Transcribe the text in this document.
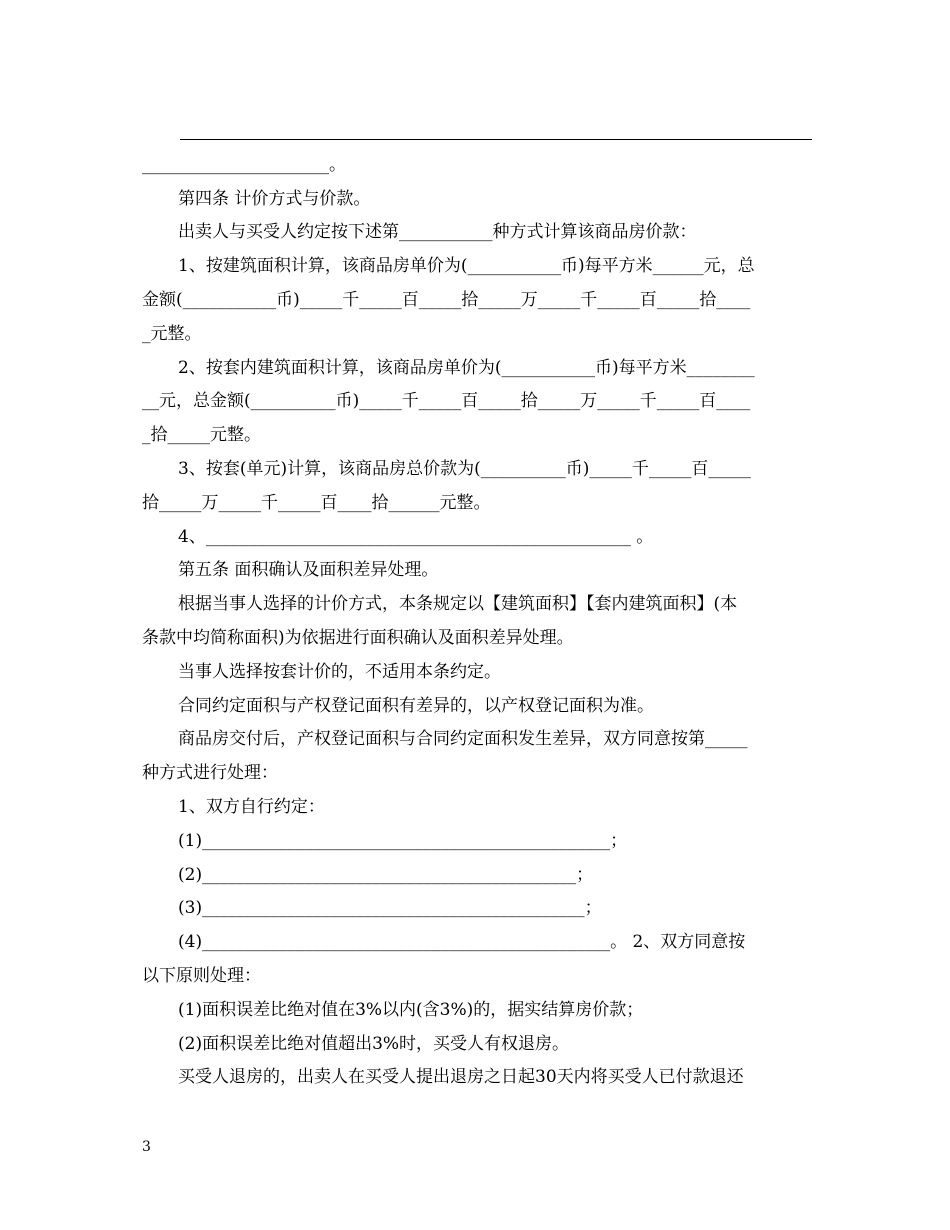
______________________。
第四条 计价方式与价款。
出卖人与买受人约定按下述第___________种方式计算该商品房价款：
1、按建筑面积计算，该商品房单价为(___________币)每平方米______元，总
金额(___________币)_____千_____百_____拾_____万_____千_____百_____拾____
_元整。
2、按套内建筑面积计算，该商品房单价为(___________币)每平方米________
__元，总金额(__________币)_____千_____百_____拾_____万_____千_____百____
_拾_____元整。
3、按套(单元)计算，该商品房总价款为(__________币)_____千_____百_____
拾_____万_____千_____百____拾______元整。
4、__________________________________________________ 。
第五条 面积确认及面积差异处理。
根据当事人选择的计价方式，本条规定以【建筑面积】【套内建筑面积】(本
条款中均简称面积)为依据进行面积确认及面积差异处理。
当事人选择按套计价的，不适用本条约定。
合同约定面积与产权登记面积有差异的，以产权登记面积为准。
商品房交付后，产权登记面积与合同约定面积发生差异，双方同意按第_____
种方式进行处理：
1、双方自行约定：
(1)________________________________________________；
(2)____________________________________________；
(3)_____________________________________________；
(4)________________________________________________。 2、双方同意按
以下原则处理：
(1)面积误差比绝对值在3%以内(含3%)的，据实结算房价款；
(2)面积误差比绝对值超出3%时，买受人有权退房。
买受人退房的，出卖人在买受人提出退房之日起30天内将买受人已付款退还
3
